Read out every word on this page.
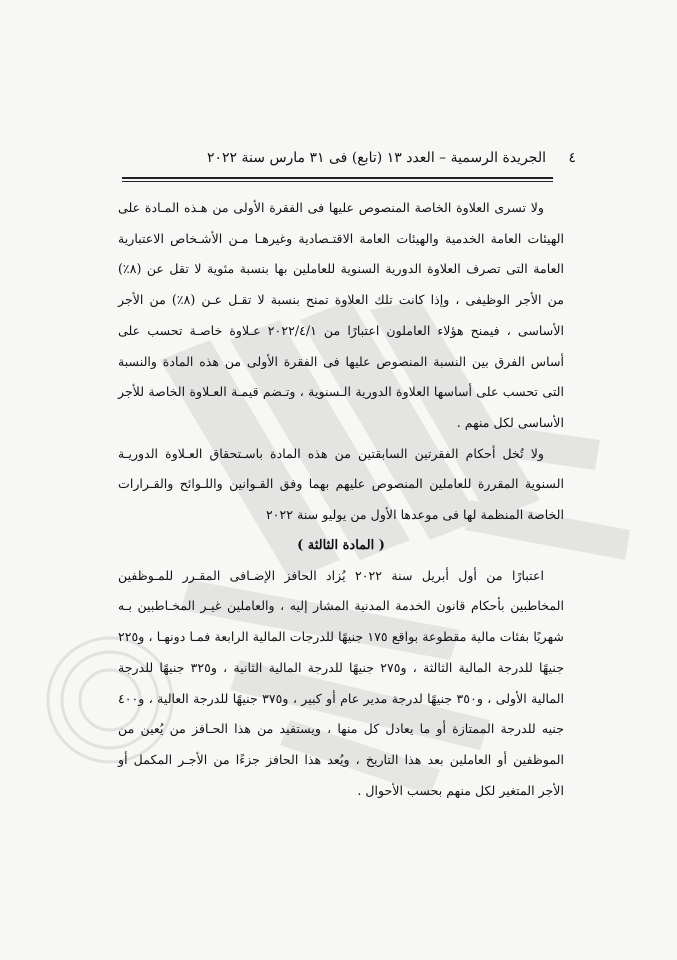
٤
الجريدة الرسمية – العدد ١٣ (تابع) فى ٣١ مارس سنة ٢٠٢٢

ولا تسرى العلاوة الخاصة المنصوص عليها فى الفقرة الأولى من هـذه المـادة على الهيئات العامة الخدمية والهيئات العامة الاقتـصادية وغيرهـا مـن الأشـخاص الاعتبارية العامة التى تصرف العلاوة الدورية السنوية للعاملين بها بنسبة مئوية لا تقل عن (٨٪) من الأجر الوظيفى ، وإذا كانت تلك العلاوة تمنح بنسبة لا تقـل عـن (٨٪) من الأجر الأساسى ، فيمنح هؤلاء العاملون اعتبارًا من ٢٠٢٢/٤/١ عـلاوة خاصـة تحسب على أساس الفرق بين النسبة المنصوص عليها فى الفقرة الأولى من هذه المادة والنسبة التى تحسب على أساسها العلاوة الدورية الـسنوية ، وتـضم قيمـة العـلاوة الخاصة للأجر الأساسى لكل منهم .

ولا تُخل أحكام الفقرتين السابقتين من هذه المادة باسـتحقاق العـلاوة الدوريـة السنوية المقررة للعاملين المنصوص عليهم بهما وفق القـوانين واللـوائح والقـرارات الخاصة المنظمة لها فى موعدها الأول من يوليو سنة ٢٠٢٢

( المادة الثالثة )

اعتبارًا من أول أبريل سنة ٢٠٢٢ يُزاد الحافز الإضـافى المقـرر للمـوظفين المخاطبين بأحكام قانون الخدمة المدنية المشار إليه ، والعاملين غيـر المخـاطبين بـه شهريًا بفئات مالية مقطوعة بواقع ١٧٥ جنيهًا للدرجات المالية الرابعة فمـا دونهـا ، و٢٢٥ جنيهًا للدرجة المالية الثالثة ، و٢٧٥ جنيهًا للدرجة المالية الثانية ، و٣٢٥ جنيهًا للدرجة المالية الأولى ، و٣٥٠ جنيهًا لدرجة مدير عام أو كبير ، و٣٧٥ جنيهًا للدرجة العالية ، و٤٠٠ جنيه للدرجة الممتازة أو ما يعادل كل منها ، ويستفيد من هذا الحـافز من يُعين من الموظفين أو العاملين بعد هذا التاريخ ، ويُعد هذا الحافز جزءًا من الأجـر المكمل أو الأجر المتغير لكل منهم بحسب الأحوال .
